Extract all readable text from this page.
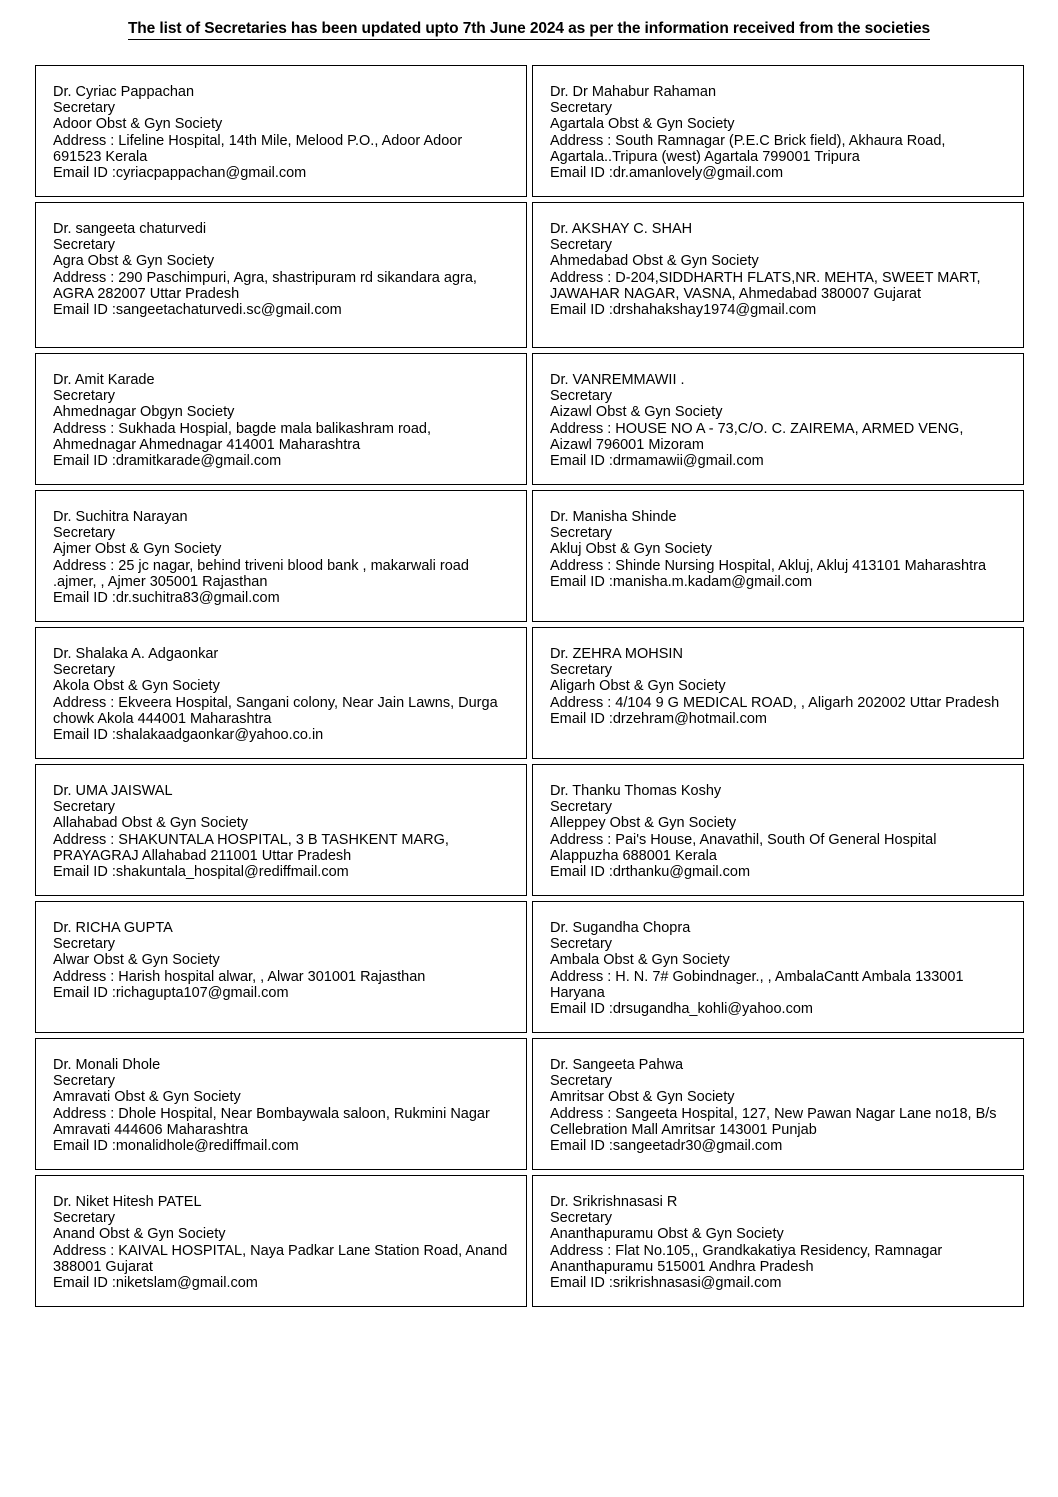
The list of Secretaries has been updated upto 7th June 2024 as per the information received from the societies
Dr. Cyriac Pappachan
Secretary
Adoor Obst & Gyn Society
Address : Lifeline Hospital, 14th Mile, Melood P.O., Adoor Adoor 691523 Kerala
Email ID :cyriacpappachan@gmail.com
Dr. Dr Mahabur Rahaman
Secretary
Agartala Obst & Gyn Society
Address : South Ramnagar (P.E.C Brick field), Akhaura Road, Agartala..Tripura (west) Agartala 799001 Tripura
Email ID :dr.amanlovely@gmail.com
Dr. sangeeta chaturvedi
Secretary
Agra Obst & Gyn Society
Address : 290 Paschimpuri, Agra, shastripuram rd sikandara agra, AGRA 282007 Uttar Pradesh
Email ID :sangeetachaturvedi.sc@gmail.com
Dr. AKSHAY C. SHAH
Secretary
Ahmedabad Obst & Gyn Society
Address : D-204,SIDDHARTH FLATS,NR. MEHTA, SWEET MART, JAWAHAR NAGAR, VASNA, Ahmedabad 380007 Gujarat
Email ID :drshahakshay1974@gmail.com
Dr. Amit Karade
Secretary
Ahmednagar Obgyn Society
Address : Sukhada Hospial, bagde mala balikashram road, Ahmednagar Ahmednagar 414001 Maharashtra
Email ID :dramitkarade@gmail.com
Dr. VANREMMAWII .
Secretary
Aizawl Obst & Gyn Society
Address : HOUSE NO A - 73,C/O. C. ZAIREMA, ARMED VENG, Aizawl 796001 Mizoram
Email ID :drmamawii@gmail.com
Dr. Suchitra Narayan
Secretary
Ajmer Obst & Gyn Society
Address : 25 jc nagar, behind triveni blood bank , makarwali road .ajmer, , Ajmer 305001 Rajasthan
Email ID :dr.suchitra83@gmail.com
Dr. Manisha Shinde
Secretary
Akluj Obst & Gyn Society
Address : Shinde Nursing Hospital, Akluj, Akluj 413101 Maharashtra
Email ID :manisha.m.kadam@gmail.com
Dr. Shalaka A. Adgaonkar
Secretary
Akola Obst & Gyn Society
Address : Ekveera Hospital, Sangani colony, Near Jain Lawns, Durga chowk Akola 444001 Maharashtra
Email ID :shalakaadgaonkar@yahoo.co.in
Dr. ZEHRA MOHSIN
Secretary
Aligarh Obst & Gyn Society
Address : 4/104 9 G MEDICAL ROAD, , Aligarh 202002 Uttar Pradesh
Email ID :drzehram@hotmail.com
Dr. UMA JAISWAL
Secretary
Allahabad Obst & Gyn Society
Address : SHAKUNTALA HOSPITAL, 3 B TASHKENT MARG, PRAYAGRAJ Allahabad 211001 Uttar Pradesh
Email ID :shakuntala_hospital@rediffmail.com
Dr. Thanku Thomas Koshy
Secretary
Alleppey Obst & Gyn Society
Address : Pai's House, Anavathil, South Of General Hospital Alappuzha 688001 Kerala
Email ID :drthanku@gmail.com
Dr. RICHA GUPTA
Secretary
Alwar Obst & Gyn Society
Address : Harish hospital alwar, , Alwar 301001 Rajasthan
Email ID :richagupta107@gmail.com
Dr. Sugandha Chopra
Secretary
Ambala Obst & Gyn Society
Address : H. N. 7# Gobindnager., , AmbalaCantt Ambala 133001 Haryana
Email ID :drsugandha_kohli@yahoo.com
Dr. Monali Dhole
Secretary
Amravati Obst & Gyn Society
Address : Dhole Hospital, Near Bombaywala saloon, Rukmini Nagar Amravati 444606 Maharashtra
Email ID :monalidhole@rediffmail.com
Dr. Sangeeta Pahwa
Secretary
Amritsar Obst & Gyn Society
Address : Sangeeta Hospital, 127, New Pawan Nagar Lane no18, B/s Cellebration Mall Amritsar 143001 Punjab
Email ID :sangeetadr30@gmail.com
Dr. Niket Hitesh PATEL
Secretary
Anand Obst & Gyn Society
Address : KAIVAL HOSPITAL, Naya Padkar Lane Station Road, Anand 388001 Gujarat
Email ID :niketslam@gmail.com
Dr. Srikrishnasasi R
Secretary
Ananthapuramu Obst & Gyn Society
Address : Flat No.105,, Grandkakatiya Residency, Ramnagar Ananthapuramu 515001 Andhra Pradesh
Email ID :srikrishnasasi@gmail.com
